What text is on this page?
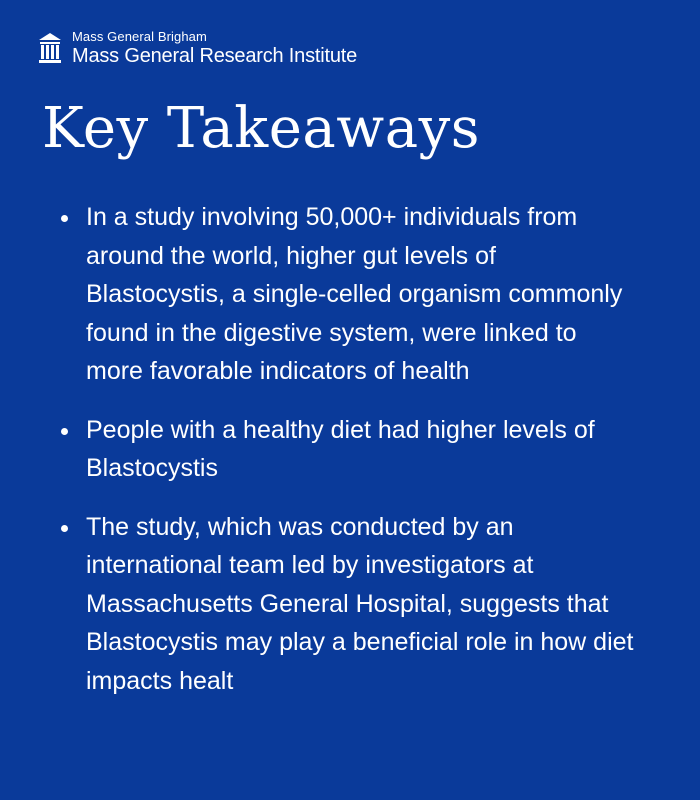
Mass General Brigham
Mass General Research Institute
Key Takeaways
In a study involving 50,000+ individuals from around the world, higher gut levels of Blastocystis, a single-celled organism commonly found in the digestive system, were linked to more favorable indicators of health
People with a healthy diet had higher levels of Blastocystis
The study, which was conducted by an international team led by investigators at Massachusetts General Hospital, suggests that Blastocystis may play a beneficial role in how diet impacts healt
